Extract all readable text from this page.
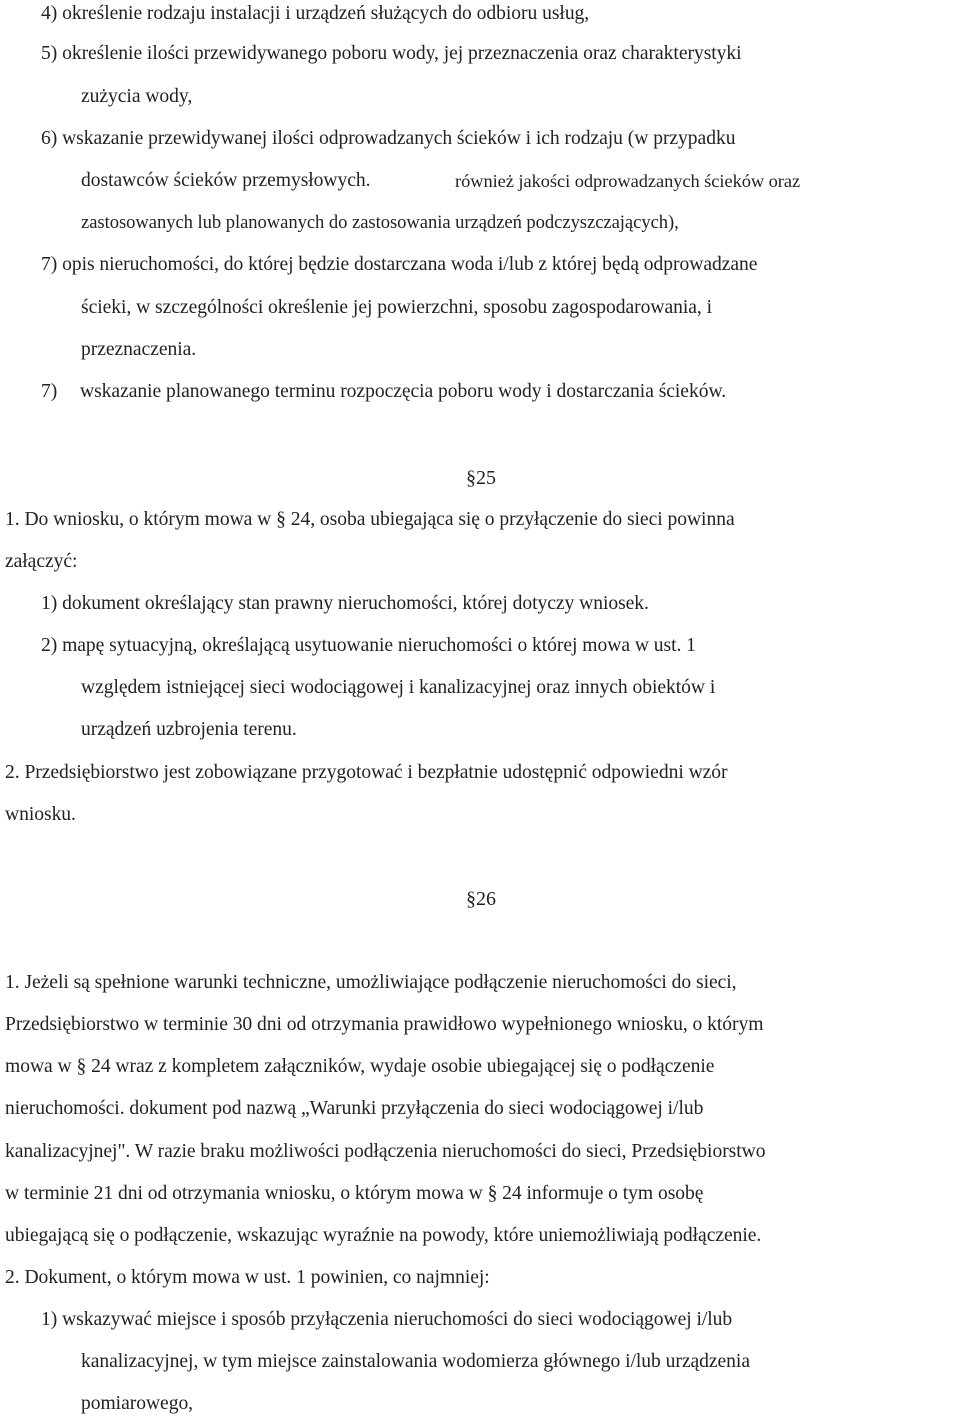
4) określenie rodzaju instalacji i urządzeń służących do odbioru usług,
5) określenie ilości przewidywanego poboru wody, jej przeznaczenia oraz charakterystyki
zużycia wody,
6) wskazanie przewidywanej ilości odprowadzanych ścieków i ich rodzaju (w przypadku
dostawców ścieków przemysłowych.	również jakości odprowadzanych ścieków oraz
zastosowanych lub planowanych do zastosowania urządzeń podczyszczających),
7) opis nieruchomości, do której będzie dostarczana woda i/lub z której będą odprowadzane
ścieki, w szczególności określenie jej powierzchni, sposobu zagospodarowania, i
przeznaczenia.
7) wskazanie planowanego terminu rozpoczęcia poboru wody i dostarczania ścieków.
§25
1. Do wniosku, o którym mowa w § 24, osoba ubiegająca się o przyłączenie do sieci powinna
załączyć:
1) dokument określający stan prawny nieruchomości, której dotyczy wniosek.
2) mapę sytuacyjną, określającą usytuowanie nieruchomości o której mowa w ust. 1
względem istniejącej sieci wodociągowej i kanalizacyjnej oraz innych obiektów i
urządzeń uzbrojenia terenu.
2. Przedsiębiorstwo jest zobowiązane przygotować i bezpłatnie udostępnić odpowiedni wzór
wniosku.
§26
1. Jeżeli są spełnione warunki techniczne, umożliwiające podłączenie nieruchomości do sieci,
Przedsiębiorstwo w terminie 30 dni od otrzymania prawidłowo wypełnionego wniosku, o którym
mowa w § 24 wraz z kompletem załączników, wydaje osobie ubiegającej się o podłączenie
nieruchomości. dokument pod nazwą „Warunki przyłączenia do sieci wodociągowej i/lub
kanalizacyjnej". W razie braku możliwości podłączenia nieruchomości do sieci, Przedsiębiorstwo
w terminie 21 dni od otrzymania wniosku, o którym mowa w § 24 informuje o tym osobę
ubiegającą się o podłączenie, wskazując wyraźnie na powody, które uniemożliwiają podłączenie.
2. Dokument, o którym mowa w ust. 1 powinien, co najmniej:
1) wskazywać miejsce i sposób przyłączenia nieruchomości do sieci wodociągowej i/lub
kanalizacyjnej, w tym miejsce zainstalowania wodomierza głównego i/lub urządzenia
pomiarowego,
